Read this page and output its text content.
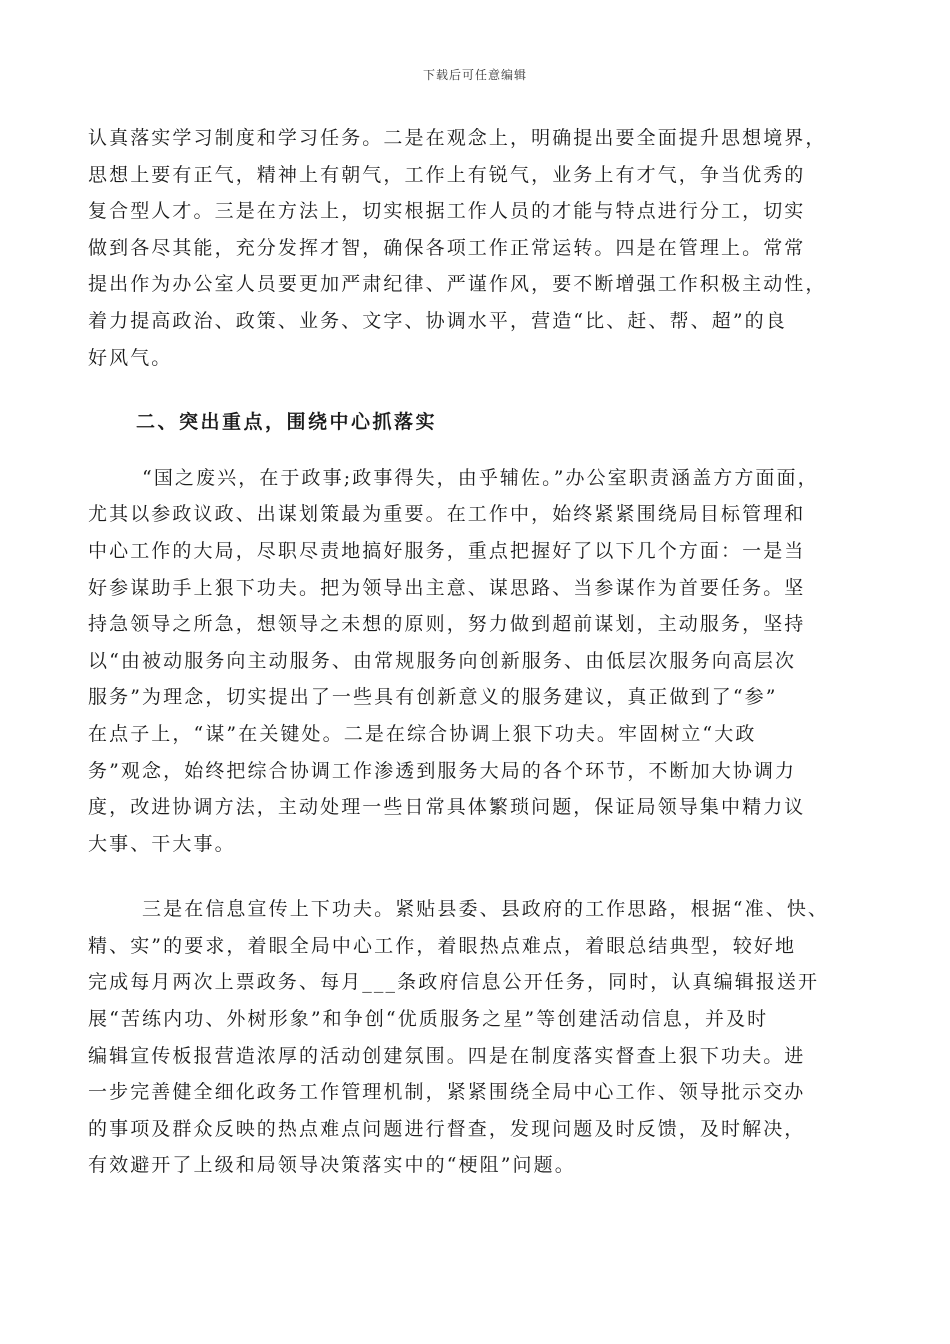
下载后可任意编辑
认真落实学习制度和学习任务。二是在观念上，明确提出要全面提升思想境界，
思想上要有正气，精神上有朝气，工作上有锐气，业务上有才气，争当优秀的
复合型人才。三是在方法上，切实根据工作人员的才能与特点进行分工，切实
做到各尽其能，充分发挥才智，确保各项工作正常运转。四是在管理上。常常
提出作为办公室人员要更加严肃纪律、严谨作风，要不断增强工作积极主动性，
着力提高政治、政策、业务、文字、协调水平，营造“比、赶、帮、超”的良
好风气。
二、突出重点，围绕中心抓落实
“国之废兴，在于政事;政事得失，由乎辅佐。”办公室职责涵盖方方面面，
尤其以参政议政、出谋划策最为重要。在工作中，始终紧紧围绕局目标管理和
中心工作的大局，尽职尽责地搞好服务，重点把握好了以下几个方面：一是当
好参谋助手上狠下功夫。把为领导出主意、谋思路、当参谋作为首要任务。坚
持急领导之所急，想领导之未想的原则，努力做到超前谋划，主动服务，坚持
以“由被动服务向主动服务、由常规服务向创新服务、由低层次服务向高层次
服务”为理念，切实提出了一些具有创新意义的服务建议，真正做到了“参”
在点子上，“谋”在关键处。二是在综合协调上狠下功夫。牢固树立“大政
务”观念，始终把综合协调工作渗透到服务大局的各个环节，不断加大协调力
度，改进协调方法，主动处理一些日常具体繁琐问题，保证局领导集中精力议
大事、干大事。
三是在信息宣传上下功夫。紧贴县委、县政府的工作思路，根据“准、快、
精、实”的要求，着眼全局中心工作，着眼热点难点，着眼总结典型，较好地
完成每月两次上票政务、每月___条政府信息公开任务，同时，认真编辑报送开
展“苦练内功、外树形象”和争创“优质服务之星”等创建活动信息，并及时
编辑宣传板报营造浓厚的活动创建氛围。四是在制度落实督查上狠下功夫。进
一步完善健全细化政务工作管理机制，紧紧围绕全局中心工作、领导批示交办
的事项及群众反映的热点难点问题进行督查，发现问题及时反馈，及时解决，
有效避开了上级和局领导决策落实中的“梗阻”问题。
